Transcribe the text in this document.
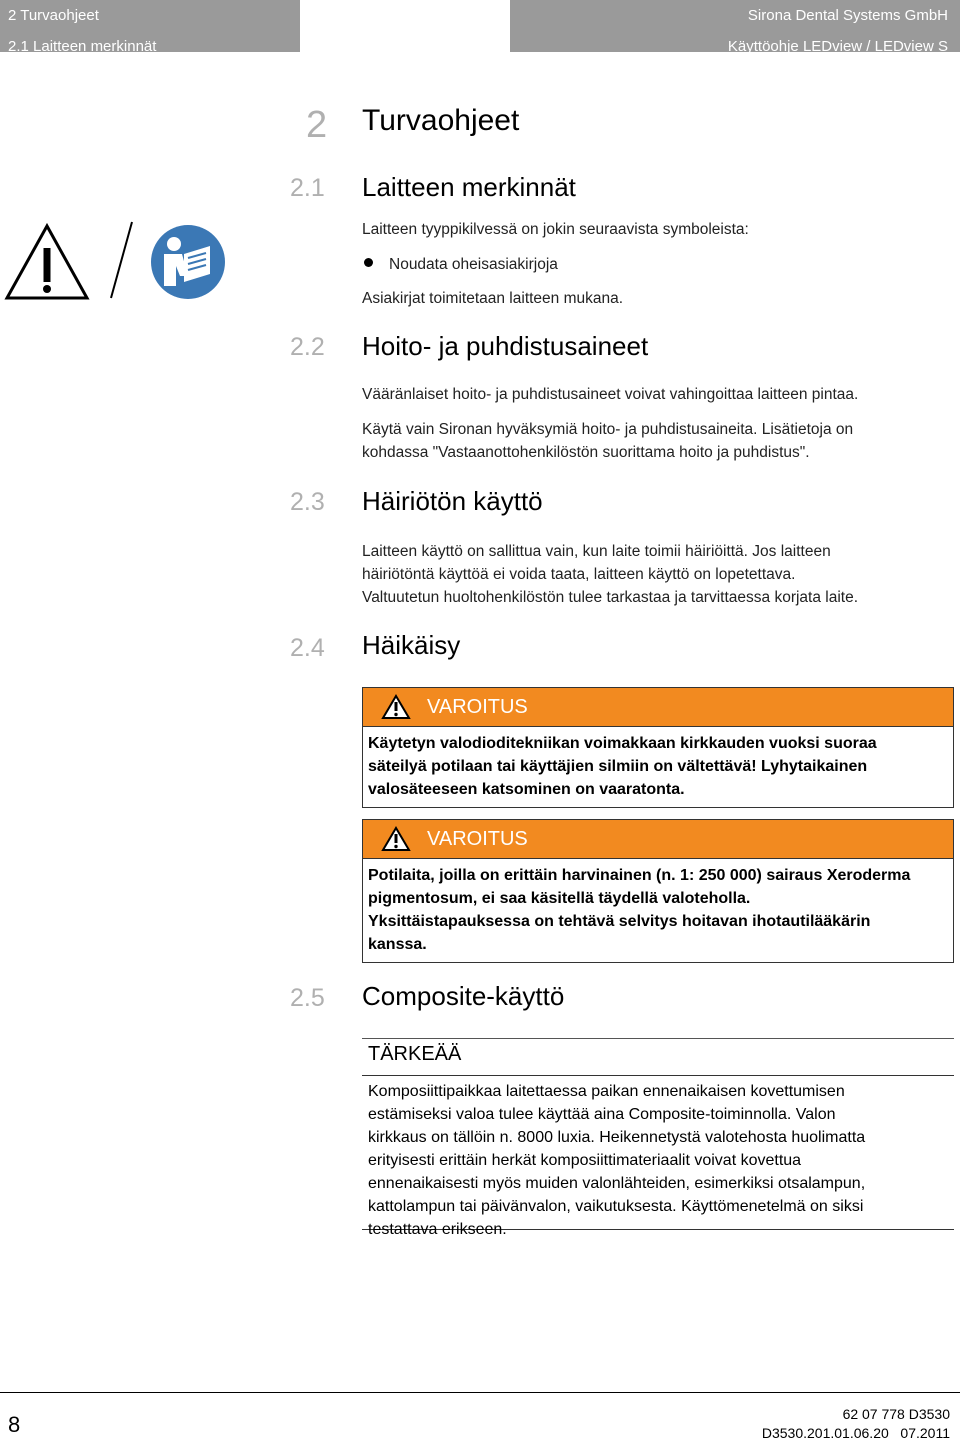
2 Turvaohjeet
2.1 Laitteen merkinnät
Sirona Dental Systems GmbH
Käyttöohje LEDview / LEDview S
2 Turvaohjeet
2.1	Laitteen merkinnät
Laitteen tyyppikilvessä on jokin seuraavista symboleista:
Noudata oheisasiakirjoja
Asiakirjat toimitetaan laitteen mukana.
2.2	Hoito- ja puhdistusaineet
Vääränlaiset hoito- ja puhdistusaineet voivat vahingoittaa laitteen pintaa.
Käytä vain Sironan hyväksymiä hoito- ja puhdistusaineita. Lisätietoja on
kohdassa "Vastaanottohenkilöstön suorittama hoito ja puhdistus".
2.3	Häiriötön käyttö
Laitteen käyttö on sallittua vain, kun laite toimii häiriöittä. Jos laitteen
häiriötöntä käyttöä ei voida taata, laitteen käyttö on lopetettava.
Valtuutetun huoltohenkilöstön tulee tarkastaa ja tarvittaessa korjata laite.
2.4	Häikäisy
VAROITUS
Käytetyn valodioditekniikan voimakkaan kirkkauden vuoksi suoraa
säteilyä potilaan tai käyttäjien silmiin on vältettävä! Lyhytaikainen
valosäteeseen katsominen on vaaratonta.
VAROITUS
Potilaita, joilla on erittäin harvinainen (n. 1: 250 000) sairaus Xeroderma
pigmentosum, ei saa käsitellä täydellä valoteholla.
Yksittäistapauksessa on tehtävä selvitys hoitavan ihotautilääkärin
kanssa.
2.5	Composite-käyttö
TÄRKEÄÄ
Komposiittipaikkaa laitettaessa paikan ennenaikaisen kovettumisen
estämiseksi valoa tulee käyttää aina Composite-toiminnolla. Valon
kirkkaus on tällöin n. 8000 luxia. Heikennetystä valotehosta huolimatta
erityisesti erittäin herkät komposiittimateriaalit voivat kovettua
ennenaikaisesti myös muiden valonlähteiden, esimerkiksi otsalampun,
kattolampun tai päivänvalon, vaikutuksesta. Käyttömenetelmä on siksi
testattava erikseen.
8	62 07 778 D3530
D3530.201.01.06.20   07.2011
